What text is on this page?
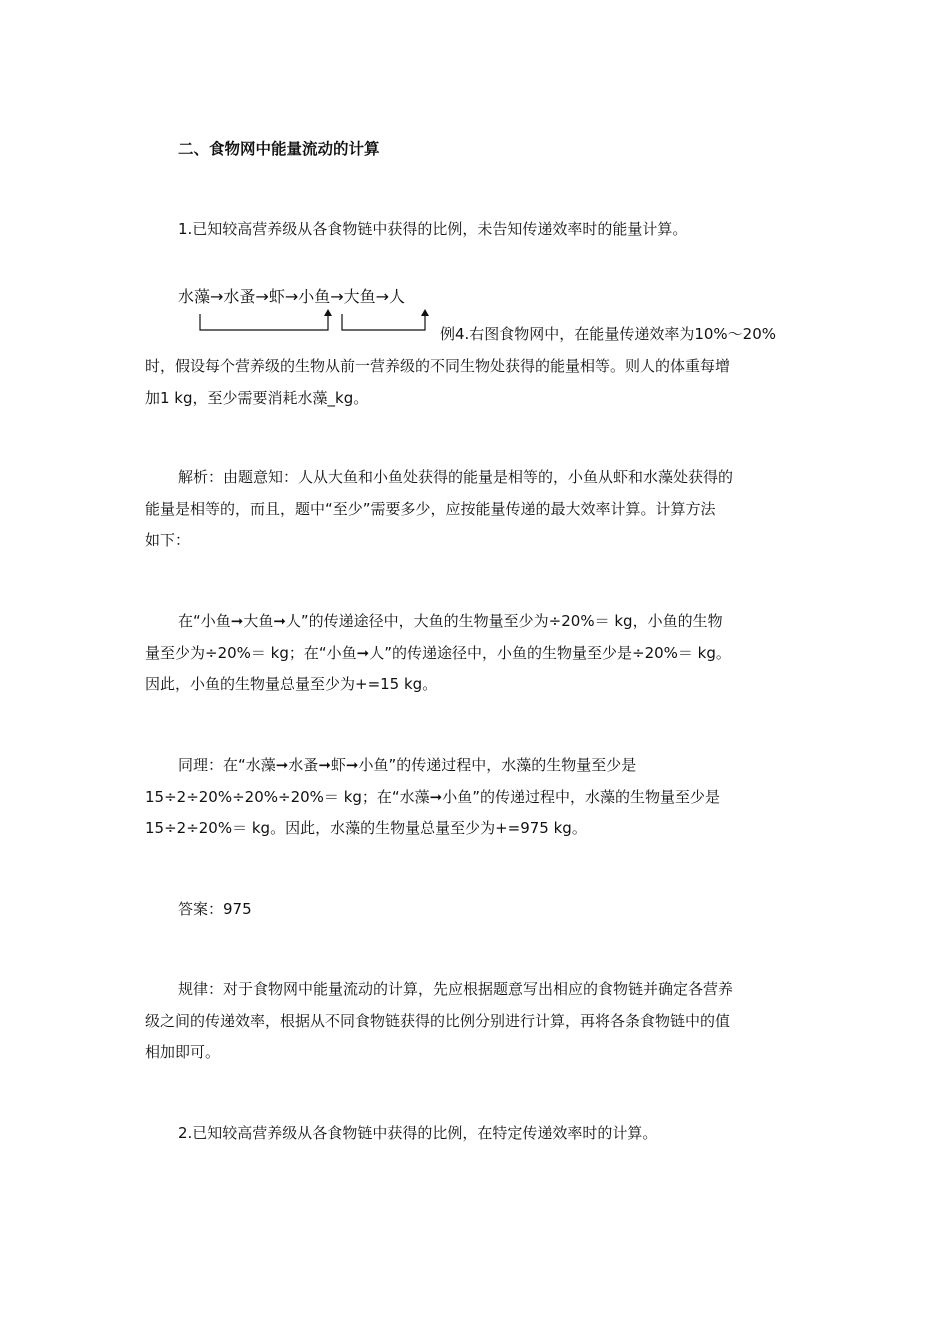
二、食物网中能量流动的计算
1.已知较高营养级从各食物链中获得的比例，未告知传递效率时的能量计算。
水藻→水蚤→虾→小鱼→大鱼→人
例4.右图食物网中，在能量传递效率为10%～20%
时，假设每个营养级的生物从前一营养级的不同生物处获得的能量相等。则人的体重每增
加1 kg，至少需要消耗水藻_kg。
解析：由题意知：人从大鱼和小鱼处获得的能量是相等的，小鱼从虾和水藻处获得的
能量是相等的，而且，题中“至少”需要多少，应按能量传递的最大效率计算。计算方法
如下：
在“小鱼➞大鱼➞人”的传递途径中，大鱼的生物量至少为÷20%＝ kg，小鱼的生物
量至少为÷20%＝ kg；在“小鱼➞人”的传递途径中，小鱼的生物量至少是÷20%＝ kg。
因此，小鱼的生物量总量至少为+=15 kg。
同理：在“水藻➞水蚤➞虾➞小鱼”的传递过程中，水藻的生物量至少是
15÷2÷20%÷20%÷20%＝ kg；在“水藻➞小鱼”的传递过程中，水藻的生物量至少是
15÷2÷20%＝ kg。因此，水藻的生物量总量至少为+=975 kg。
答案：975
规律：对于食物网中能量流动的计算，先应根据题意写出相应的食物链并确定各营养
级之间的传递效率，根据从不同食物链获得的比例分别进行计算，再将各条食物链中的值
相加即可。
2.已知较高营养级从各食物链中获得的比例，在特定传递效率时的计算。
